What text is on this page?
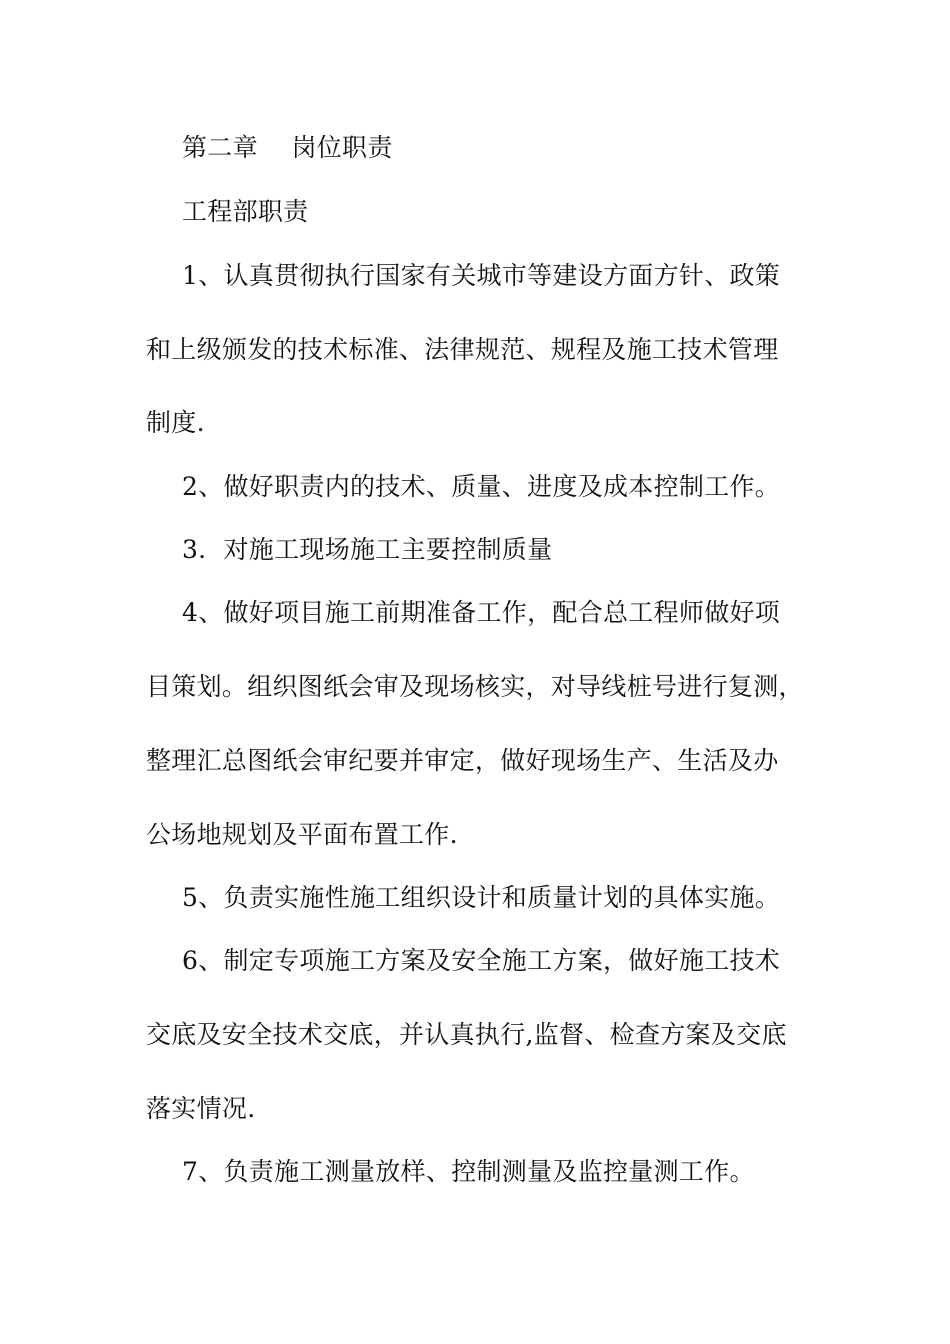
第二章　 岗位职责
工程部职责
1、认真贯彻执行国家有关城市等建设方面方针、政策
和上级颁发的技术标准、法律规范、规程及施工技术管理
制度.
2、做好职责内的技术、质量、进度及成本控制工作。
3．对施工现场施工主要控制质量
4、做好项目施工前期准备工作，配合总工程师做好项
目策划。组织图纸会审及现场核实，对导线桩号进行复测，
整理汇总图纸会审纪要并审定，做好现场生产、生活及办
公场地规划及平面布置工作.
5、负责实施性施工组织设计和质量计划的具体实施。
6、制定专项施工方案及安全施工方案，做好施工技术
交底及安全技术交底，并认真执行,监督、检查方案及交底
落实情况.
7、负责施工测量放样、控制测量及监控量测工作。
